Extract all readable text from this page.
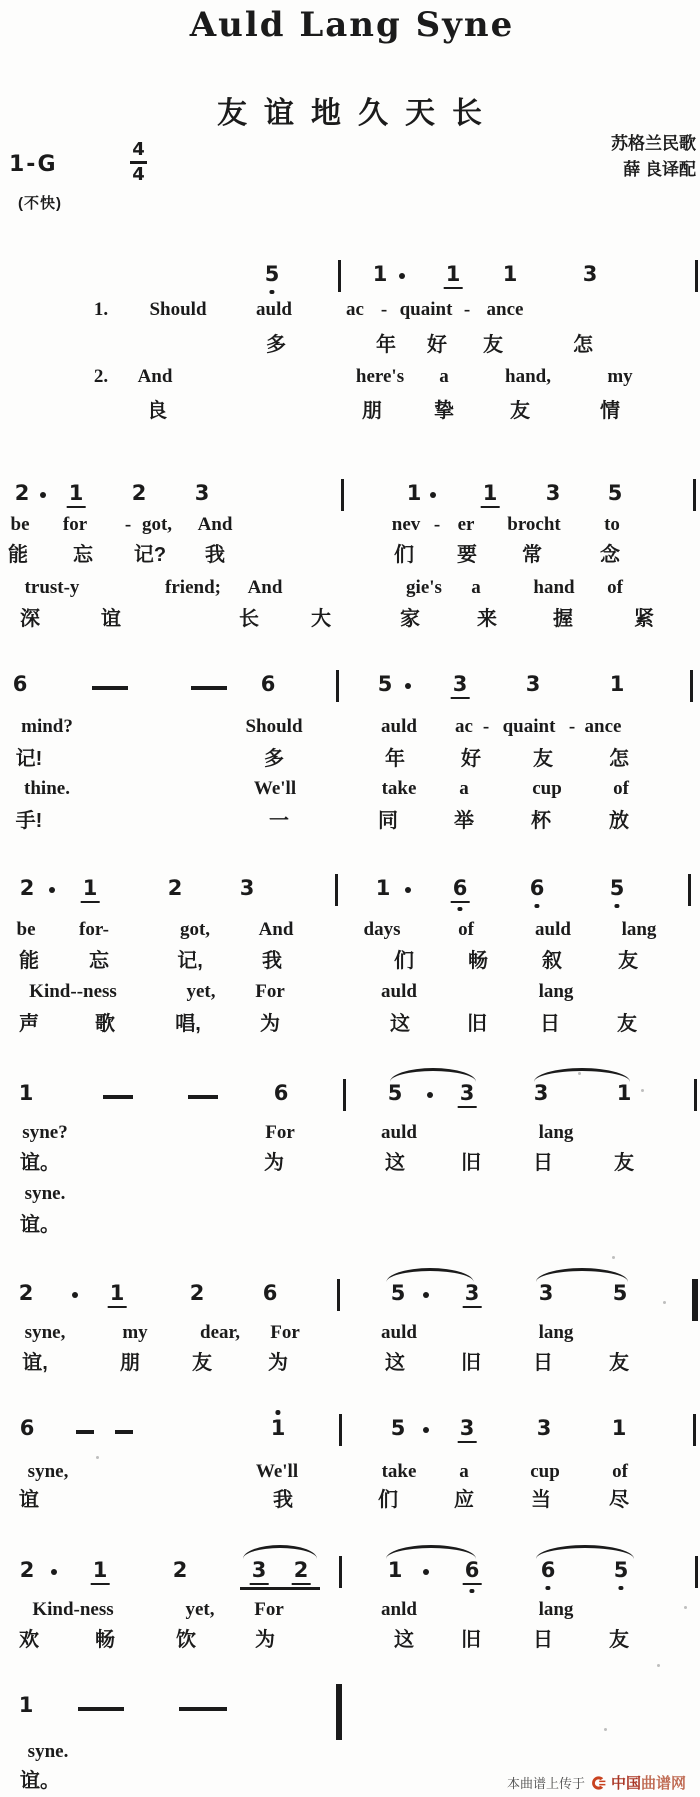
Auld Lang Syne
友谊地久天长
苏格兰民歌
薛 良译配
1-G
4
4
(不快)
本曲谱上传于 中国曲谱网
5	1	1 1	3
1. Should	auld	ac - quaint - ance
多	年 好 友	怎
2. And	here's a	hand,	my
良	朋	挚	友	情
2 1 2 3	1	1 3 5
be for - got, And	nev - er brocht to
能 忘 记? 我	们 要 常	念
trust-y	friend; And	gie's a	hand of
深	谊	长	大	家	来	握	紧
6	6	5	3	3	1
mind?	Should	auld ac - quaint - ance
记!	多	年	好	友	怎
thine.	We'll	take a	cup	of
手!	一	同	举	杯	放
2 1	2	3	1	6	6	5
be for-	got,	And	days	of	auld	lang
能	忘	记,	我	们	畅	叙	友
Kind--ness	yet, For	auld	lang
声	歌	唱,	为	这	旧	日	友
1	6	5	3	3	1
syne?	For	auld	lang
谊。	为	这	旧	日	友
syne.
谊。
2	1	2	6	5	3	3	5
syne,	my	dear, For	auld	lang
谊,	朋	友	为	这	旧	日	友
6	1	5	3	3	1
syne,	We'll	take a	cup	of
谊	我	们	应	当	尽
2	1	2	3 2	1	6	6	5
Kind-ness	yet, For	anld	lang
欢	畅	饮	为	这 旧	日	友
1
syne.
谊。
